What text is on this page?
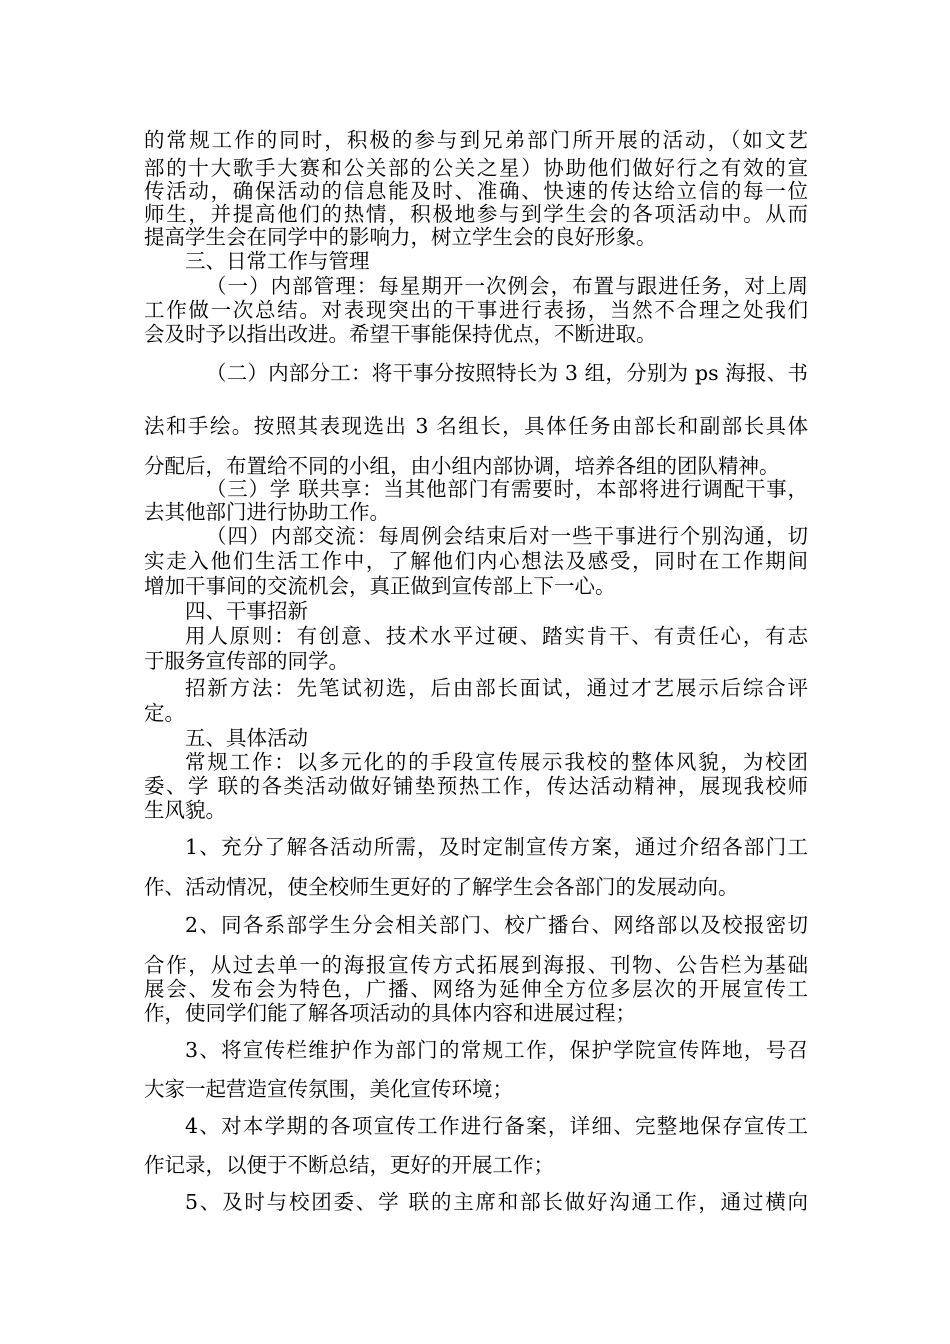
的常规工作的同时，积极的参与到兄弟部门所开展的活动，（如文艺
部的十大歌手大赛和公关部的公关之星）协助他们做好行之有效的宣
传活动，确保活动的信息能及时、准确、快速的传达给立信的每一位
师生，并提高他们的热情，积极地参与到学生会的各项活动中。从而
提高学生会在同学中的影响力，树立学生会的良好形象。
三、日常工作与管理
（一）内部管理：每星期开一次例会，布置与跟进任务，对上周
工作做一次总结。对表现突出的干事进行表扬，当然不合理之处我们
会及时予以指出改进。希望干事能保持优点，不断进取。
（二）内部分工：将干事分按照特长为 3 组，分别为 ps 海报、书
法和手绘。按照其表现选出 3 名组长，具体任务由部长和副部长具体
分配后，布置给不同的小组，由小组内部协调，培养各组的团队精神。
（三）学 联共享：当其他部门有需要时，本部将进行调配干事，
去其他部门进行协助工作。
（四）内部交流：每周例会结束后对一些干事进行个别沟通，切
实走入他们生活工作中，了解他们内心想法及感受，同时在工作期间
增加干事间的交流机会，真正做到宣传部上下一心。
四、干事招新
用人原则：有创意、技术水平过硬、踏实肯干、有责任心，有志
于服务宣传部的同学。
招新方法：先笔试初选，后由部长面试，通过才艺展示后综合评
定。
五、具体活动
常规工作：以多元化的的手段宣传展示我校的整体风貌，为校团
委、学 联的各类活动做好铺垫预热工作，传达活动精神，展现我校师
生风貌。
1、充分了解各活动所需，及时定制宣传方案，通过介绍各部门工
作、活动情况，使全校师生更好的了解学生会各部门的发展动向。
2、同各系部学生分会相关部门、校广播台、网络部以及校报密切
合作，从过去单一的海报宣传方式拓展到海报、刊物、公告栏为基础
展会、发布会为特色，广播、网络为延伸全方位多层次的开展宣传工
作，使同学们能了解各项活动的具体内容和进展过程；
3、将宣传栏维护作为部门的常规工作，保护学院宣传阵地，号召
大家一起营造宣传氛围，美化宣传环境；
4、对本学期的各项宣传工作进行备案，详细、完整地保存宣传工
作记录，以便于不断总结，更好的开展工作；
5、及时与校团委、学 联的主席和部长做好沟通工作，通过横向
